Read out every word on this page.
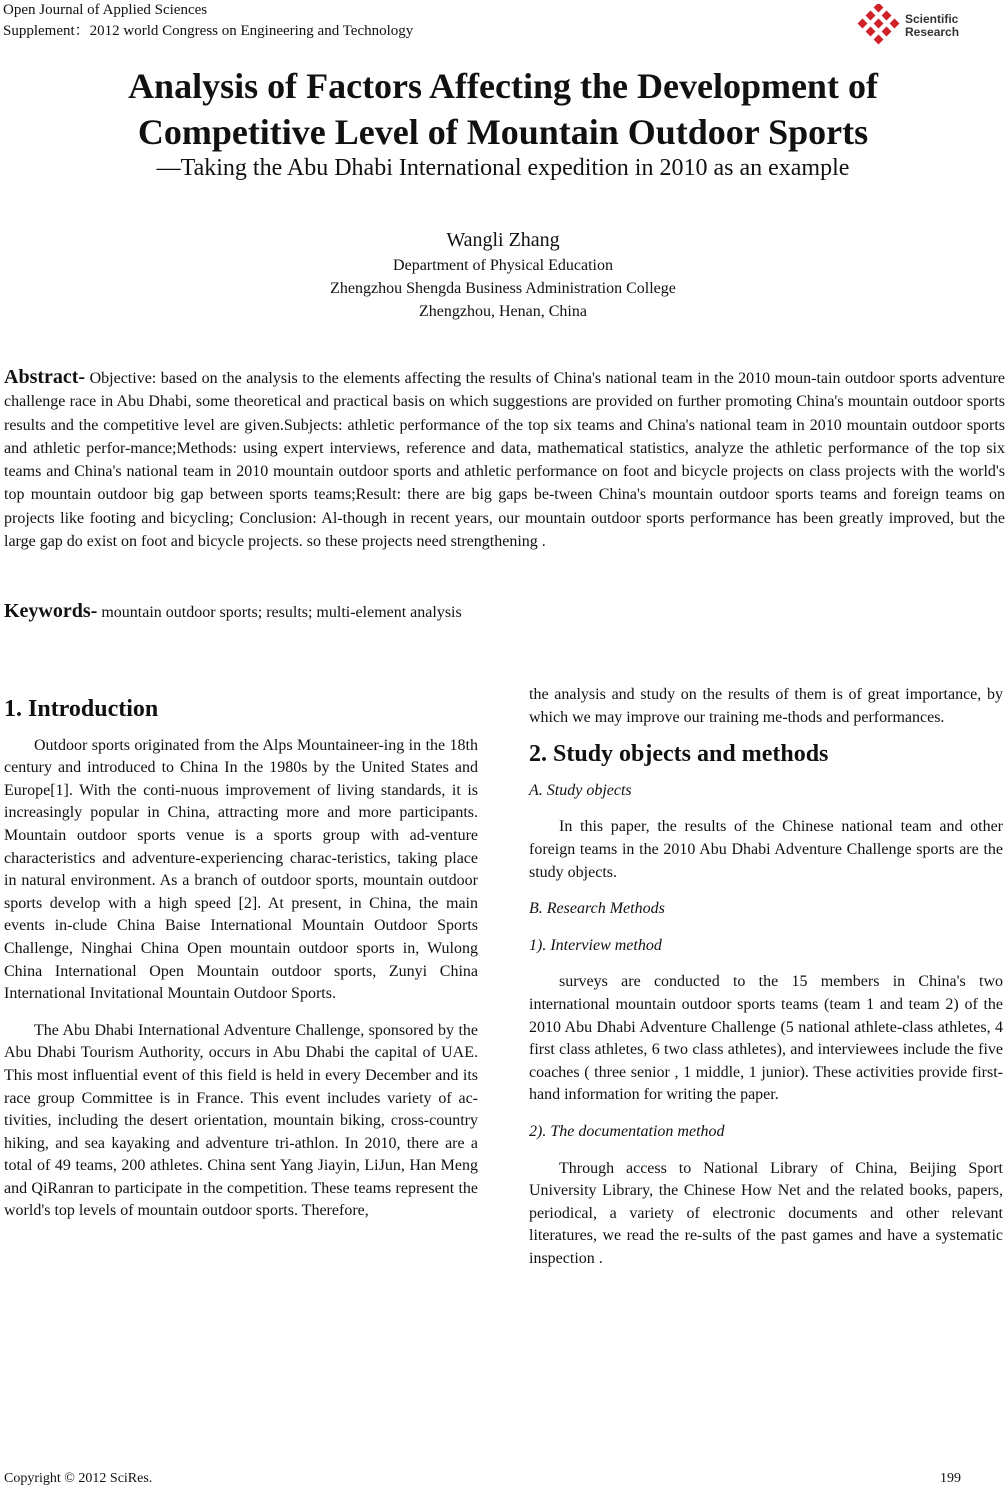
Open Journal of Applied Sciences
Supplement：2012 world Congress on Engineering and Technology
Scientific
Research
Analysis of Factors Affecting the Development of
Competitive Level of Mountain Outdoor Sports
—Taking the Abu Dhabi International expedition in 2010 as an example
Wangli Zhang
Department of Physical Education
Zhengzhou Shengda Business Administration College
Zhengzhou, Henan, China
Abstract- Objective: based on the analysis to the elements affecting the results of China's national team in the 2010 moun-tain outdoor sports adventure challenge race in Abu Dhabi, some theoretical and practical basis on which suggestions are provided on further promoting China's mountain outdoor sports results and the competitive level are given.Subjects: athletic performance of the top six teams and China's national team in 2010 mountain outdoor sports and athletic perfor-mance;Methods: using expert interviews, reference and data, mathematical statistics, analyze the athletic performance of the top six teams and China's national team in 2010 mountain outdoor sports and athletic performance on foot and bicycle projects on class projects with the world's top mountain outdoor big gap between sports teams;Result: there are big gaps be-tween China's mountain outdoor sports teams and foreign teams on projects like footing and bicycling; Conclusion: Al-though in recent years, our mountain outdoor sports performance has been greatly improved, but the large gap do exist on foot and bicycle projects. so these projects need strengthening .
Keywords- mountain outdoor sports; results; multi-element analysis

1. Introduction

Outdoor sports originated from the Alps Mountaineer-ing in the 18th century and introduced to China In the 1980s by the United States and Europe[1]. With the conti-nuous improvement of living standards, it is increasingly popular in China, attracting more and more participants. Mountain outdoor sports venue is a sports group with ad-venture characteristics and adventure-experiencing charac-teristics, taking place in natural environment. As a branch of outdoor sports, mountain outdoor sports develop with a high speed [2]. At present, in China, the main events in-clude China Baise International Mountain Outdoor Sports Challenge, Ninghai China Open mountain outdoor sports in, Wulong China International Open Mountain outdoor sports, Zunyi China International Invitational Mountain Outdoor Sports.

The Abu Dhabi International Adventure Challenge, sponsored by the Abu Dhabi Tourism Authority, occurs in Abu Dhabi the capital of UAE. This most influential event of this field is held in every December and its race group Committee is in France. This event includes variety of ac-tivities, including the desert orientation, mountain biking, cross-country hiking, and sea kayaking and adventure tri-athlon. In 2010, there are a total of 49 teams, 200 athletes. China sent Yang Jiayin, LiJun, Han Meng and QiRanran to participate in the competition. These teams represent the world's top levels of mountain outdoor sports. Therefore,

the analysis and study on the results of them is of great importance, by which we may improve our training me-thods and performances.

2. Study objects and methods

A. Study objects

In this paper, the results of the Chinese national team and other foreign teams in the 2010 Abu Dhabi Adventure Challenge sports are the study objects.

B. Research Methods

1). Interview method

surveys are conducted to the 15 members in China's two international mountain outdoor sports teams (team 1 and team 2) of the 2010 Abu Dhabi Adventure Challenge (5 national athlete-class athletes, 4 first class athletes, 6 two class athletes), and interviewees include the five coaches ( three senior , 1 middle, 1 junior). These activities provide first-hand information for writing the paper.

2). The documentation method

Through access to National Library of China, Beijing Sport University Library, the Chinese How Net and the related books, papers, periodical, a variety of electronic documents and other relevant literatures, we read the re-sults of the past games and have a systematic inspection .

Copyright © 2012 SciRes.	199
